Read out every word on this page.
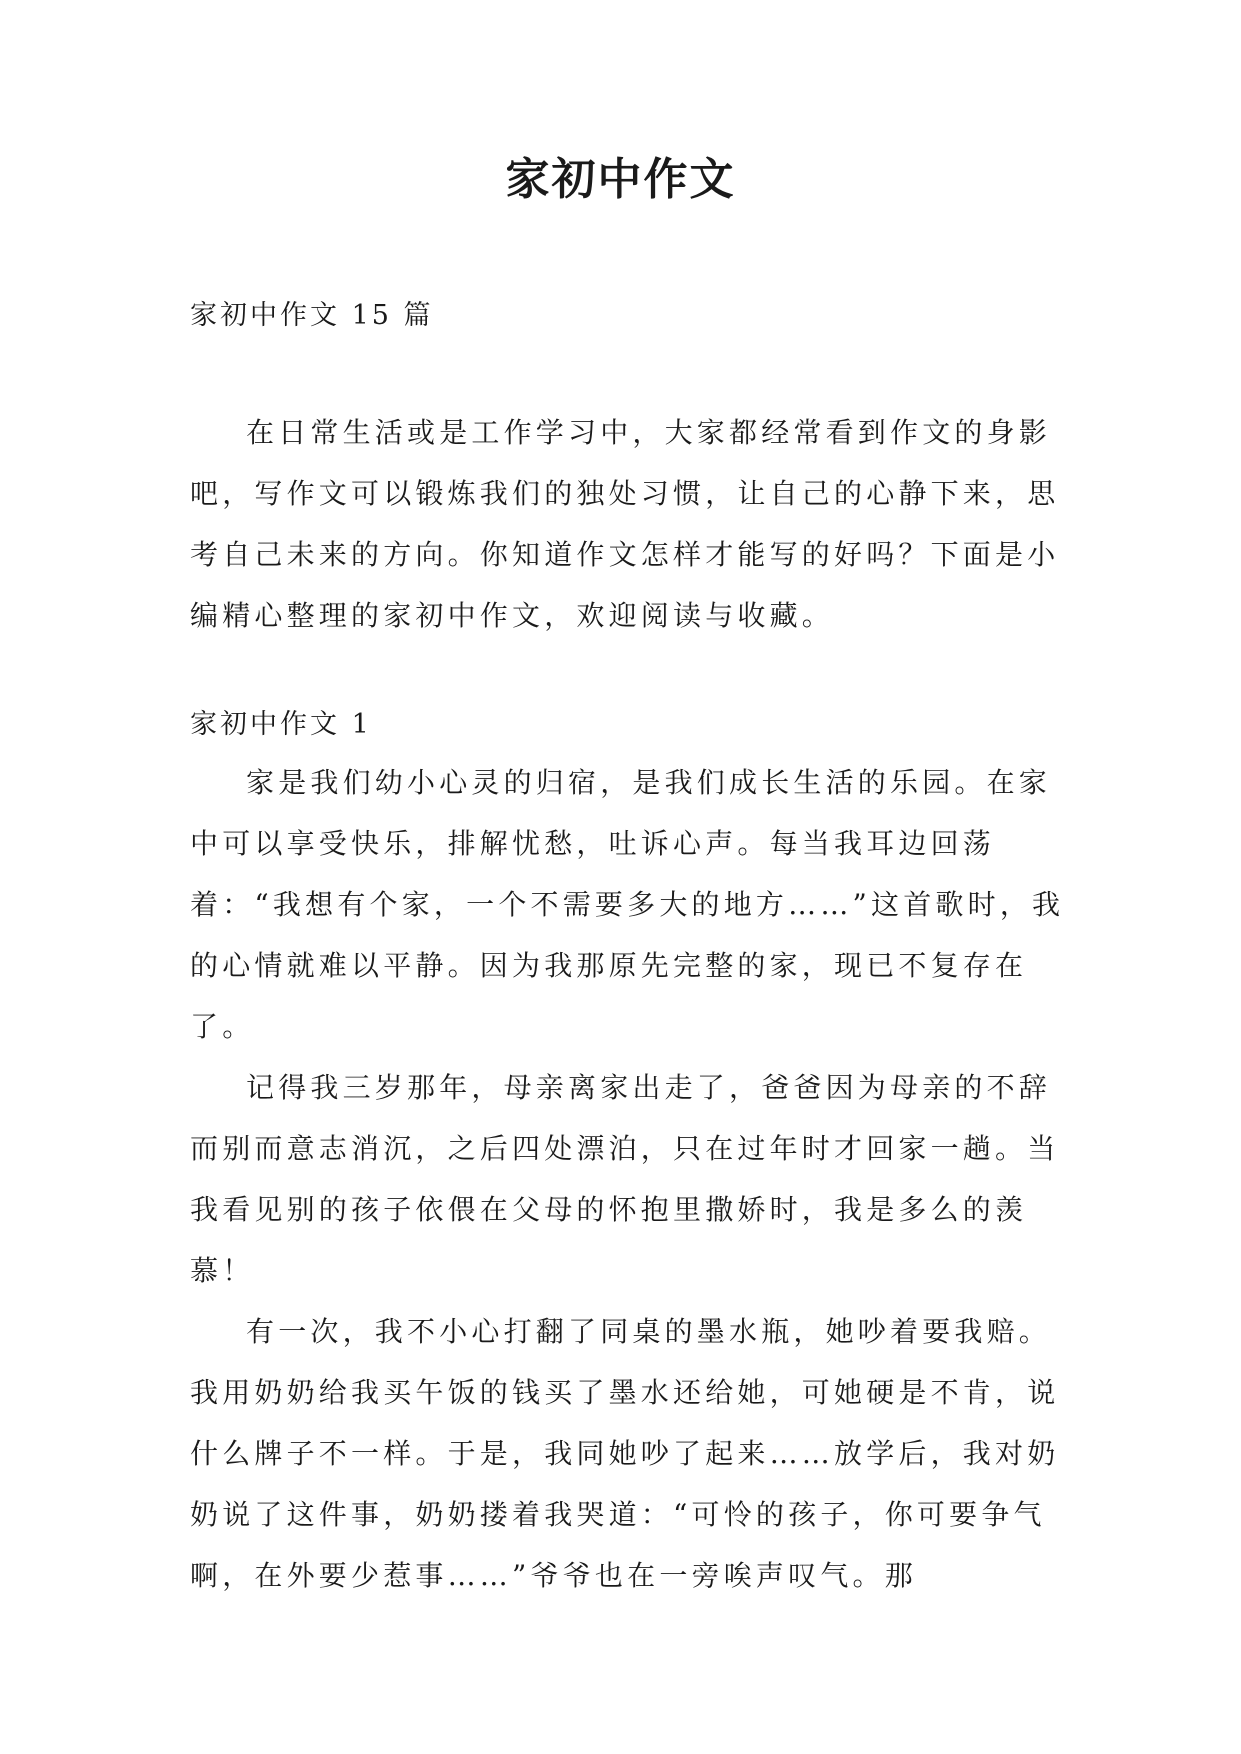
家初中作文
家初中作文 15 篇

在日常生活或是工作学习中，大家都经常看到作文的身影吧，写作文可以锻炼我们的独处习惯，让自己的心静下来，思考自己未来的方向。你知道作文怎样才能写的好吗？下面是小编精心整理的家初中作文，欢迎阅读与收藏。

家初中作文 1

家是我们幼小心灵的归宿，是我们成长生活的乐园。在家中可以享受快乐，排解忧愁，吐诉心声。每当我耳边回荡着：“我想有个家，一个不需要多大的地方……”这首歌时，我的心情就难以平静。因为我那原先完整的家，现已不复存在了。

记得我三岁那年，母亲离家出走了，爸爸因为母亲的不辞而别而意志消沉，之后四处漂泊，只在过年时才回家一趟。当我看见别的孩子依偎在父母的怀抱里撒娇时，我是多么的羡慕！

有一次，我不小心打翻了同桌的墨水瓶，她吵着要我赔。我用奶奶给我买午饭的钱买了墨水还给她，可她硬是不肯，说什么牌子不一样。于是，我同她吵了起来……放学后，我对奶奶说了这件事，奶奶搂着我哭道：“可怜的孩子，你可要争气啊，在外要少惹事……”爷爷也在一旁唉声叹气。那
